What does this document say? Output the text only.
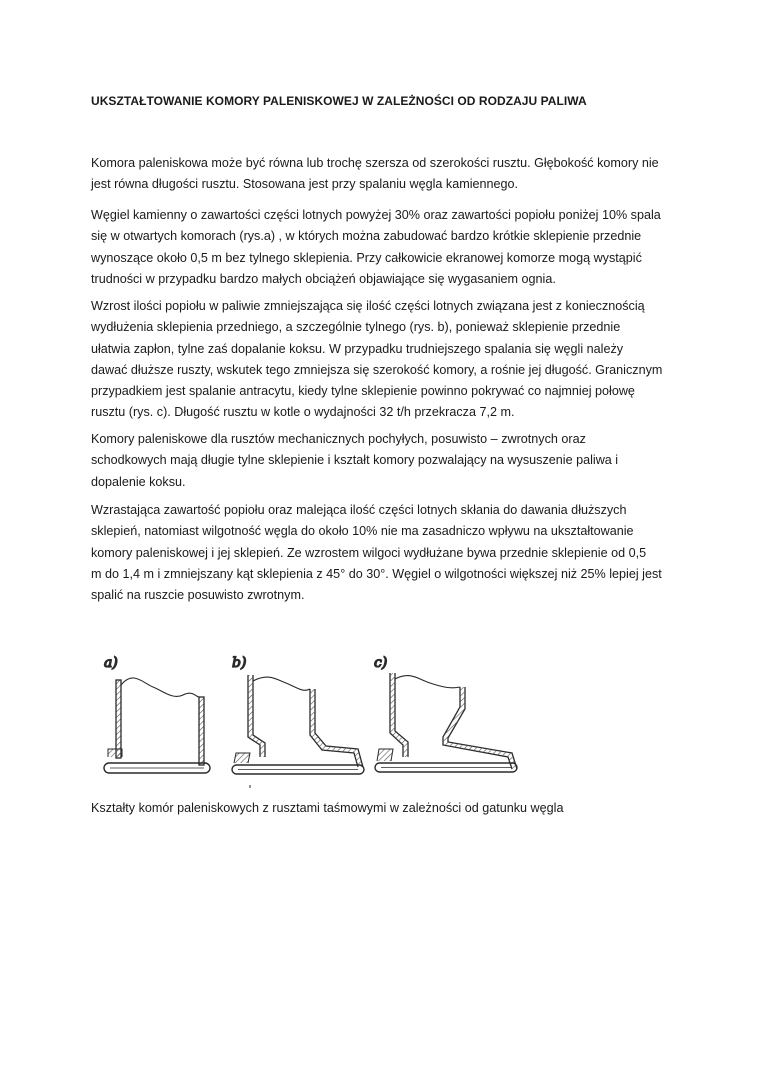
UKSZTAŁTOWANIE KOMORY PALENISKOWEJ W ZALEŻNOŚCI OD RODZAJU PALIWA

Komora paleniskowa może być równa lub trochę szersza od szerokości rusztu. Głębokość komory nie
jest równa długości rusztu. Stosowana jest przy spalaniu węgla kamiennego.

Węgiel kamienny o zawartości części lotnych powyżej 30% oraz zawartości popiołu poniżej 10% spala
się w otwartych komorach (rys.a) , w których można zabudować bardzo krótkie sklepienie przednie
wynoszące około 0,5 m bez tylnego sklepienia. Przy całkowicie ekranowej komorze mogą wystąpić
trudności w przypadku bardzo małych obciążeń objawiające się wygasaniem ognia.

Wzrost ilości popiołu w paliwie zmniejszająca się ilość części lotnych związana jest z koniecznością
wydłużenia sklepienia przedniego, a szczególnie tylnego (rys. b), ponieważ sklepienie przednie
ułatwia zapłon, tylne zaś dopalanie koksu. W przypadku trudniejszego spalania się węgli należy
dawać dłuższe ruszty, wskutek tego zmniejsza się szerokość komory, a rośnie jej długość. Granicznym
przypadkiem jest spalanie antracytu, kiedy tylne sklepienie powinno pokrywać co najmniej połowę
rusztu (rys. c). Długość rusztu w kotle o wydajności 32 t/h przekracza 7,2 m.

Komory paleniskowe dla rusztów mechanicznych pochyłych, posuwisto – zwrotnych oraz
schodkowych mają długie tylne sklepienie i kształt komory pozwalający na wysuszenie paliwa i
dopalenie koksu.

Wzrastająca zawartość popiołu oraz malejąca ilość części lotnych skłania do dawania dłuższych
sklepień, natomiast wilgotność węgla do około 10% nie ma zasadniczo wpływu na ukształtowanie
komory paleniskowej i jej sklepień. Ze wzrostem wilgoci wydłużane bywa przednie sklepienie od 0,5
m do 1,4 m i zmniejszany kąt sklepienia z 45° do 30°. Węgiel o wilgotności większej niż 25% lepiej jest
spalić na ruszcie posuwisto zwrotnym.

a)	b)	c)
Kształty komór paleniskowych z rusztami taśmowymi w zależności od gatunku węgla
